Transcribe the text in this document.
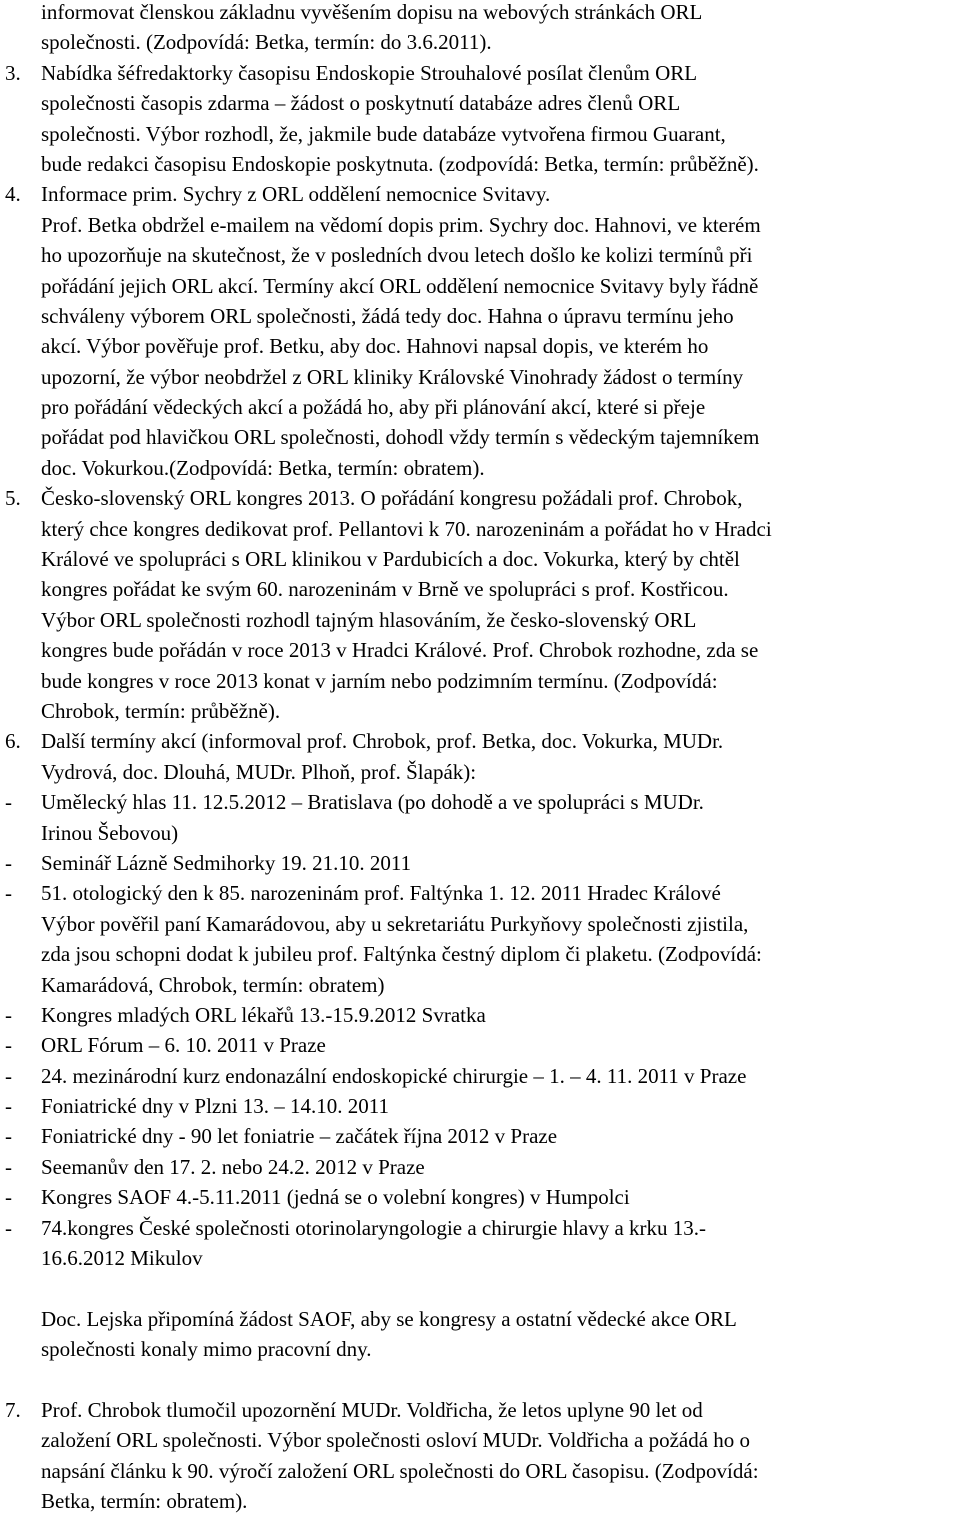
informovat členskou základnu vyvěšením dopisu na webových stránkách ORL
společnosti. (Zodpovídá: Betka, termín: do 3.6.2011).
3. Nabídka šéfredaktorky časopisu Endoskopie Strouhalové posílat členům ORL
společnosti časopis zdarma – žádost o poskytnutí databáze adres členů ORL
společnosti. Výbor rozhodl, že, jakmile bude databáze vytvořena firmou Guarant,
bude redakci časopisu Endoskopie poskytnuta. (zodpovídá: Betka, termín: průběžně).
4. Informace prim. Sychry z ORL oddělení nemocnice Svitavy.
Prof. Betka obdržel e-mailem na vědomí dopis prim. Sychry doc. Hahnovi, ve kterém
ho upozorňuje na skutečnost, že v posledních dvou letech došlo ke kolizi termínů při
pořádání jejich ORL akcí. Termíny akcí ORL oddělení nemocnice Svitavy byly řádně
schváleny výborem ORL společnosti, žádá tedy doc. Hahna o úpravu termínu jeho
akcí. Výbor pověřuje prof. Betku, aby doc. Hahnovi napsal dopis, ve kterém ho
upozorní, že výbor neobdržel z ORL kliniky Královské Vinohrady žádost o termíny
pro pořádání vědeckých akcí a požádá ho, aby při plánování akcí, které si přeje
pořádat pod hlavičkou ORL společnosti, dohodl vždy termín s vědeckým tajemníkem
doc. Vokurkou.(Zodpovídá: Betka, termín: obratem).
5. Česko-slovenský ORL kongres 2013. O pořádání kongresu požádali prof. Chrobok,
který chce kongres dedikovat prof. Pellantovi k 70. narozeninám a pořádat ho v Hradci
Králové ve spolupráci s ORL klinikou v Pardubicích a doc. Vokurka, který by chtěl
kongres pořádat ke svým 60. narozeninám v Brně ve spolupráci s prof. Kostřicou.
Výbor ORL společnosti rozhodl tajným hlasováním, že česko-slovenský ORL
kongres bude pořádán v roce 2013 v Hradci Králové. Prof. Chrobok rozhodne, zda se
bude kongres v roce 2013 konat v jarním nebo podzimním termínu. (Zodpovídá:
Chrobok, termín: průběžně).
6. Další termíny akcí (informoval prof. Chrobok, prof. Betka, doc. Vokurka, MUDr.
Vydrová, doc. Dlouhá, MUDr. Plhoň, prof. Šlapák):
- Umělecký hlas 11. 12.5.2012 – Bratislava (po dohodě a ve spolupráci s MUDr.
Irinou Šebovou)
- Seminář Lázně Sedmihorky 19. 21.10. 2011
- 51. otologický den k 85. narozeninám prof. Faltýnka 1. 12. 2011 Hradec Králové
Výbor pověřil paní Kamarádovou, aby u sekretariátu Purkyňovy společnosti zjistila,
zda jsou schopni dodat k jubileu prof. Faltýnka čestný diplom či plaketu. (Zodpovídá:
Kamarádová, Chrobok, termín: obratem)
- Kongres mladých ORL lékařů 13.-15.9.2012 Svratka
- ORL Fórum – 6. 10. 2011 v Praze
- 24. mezinárodní kurz endonazální endoskopické chirurgie – 1. – 4. 11. 2011 v Praze
- Foniatrické dny v Plzni 13. – 14.10. 2011
- Foniatrické dny - 90 let foniatrie – začátek října 2012 v Praze
- Seemanův den 17. 2. nebo 24.2. 2012 v Praze
- Kongres SAOF 4.-5.11.2011 (jedná se o volební kongres) v Humpolci
- 74.kongres České společnosti otorinolaryngologie a chirurgie hlavy a krku 13.-
16.6.2012 Mikulov
Doc. Lejska připomíná žádost SAOF, aby se kongresy a ostatní vědecké akce ORL
společnosti konaly mimo pracovní dny.
7. Prof. Chrobok tlumočil upozornění MUDr. Voldřicha, že letos uplyne 90 let od
založení ORL společnosti. Výbor společnosti osloví MUDr. Voldřicha a požádá ho o
napsání článku k 90. výročí založení ORL společnosti do ORL časopisu. (Zodpovídá:
Betka, termín: obratem).
